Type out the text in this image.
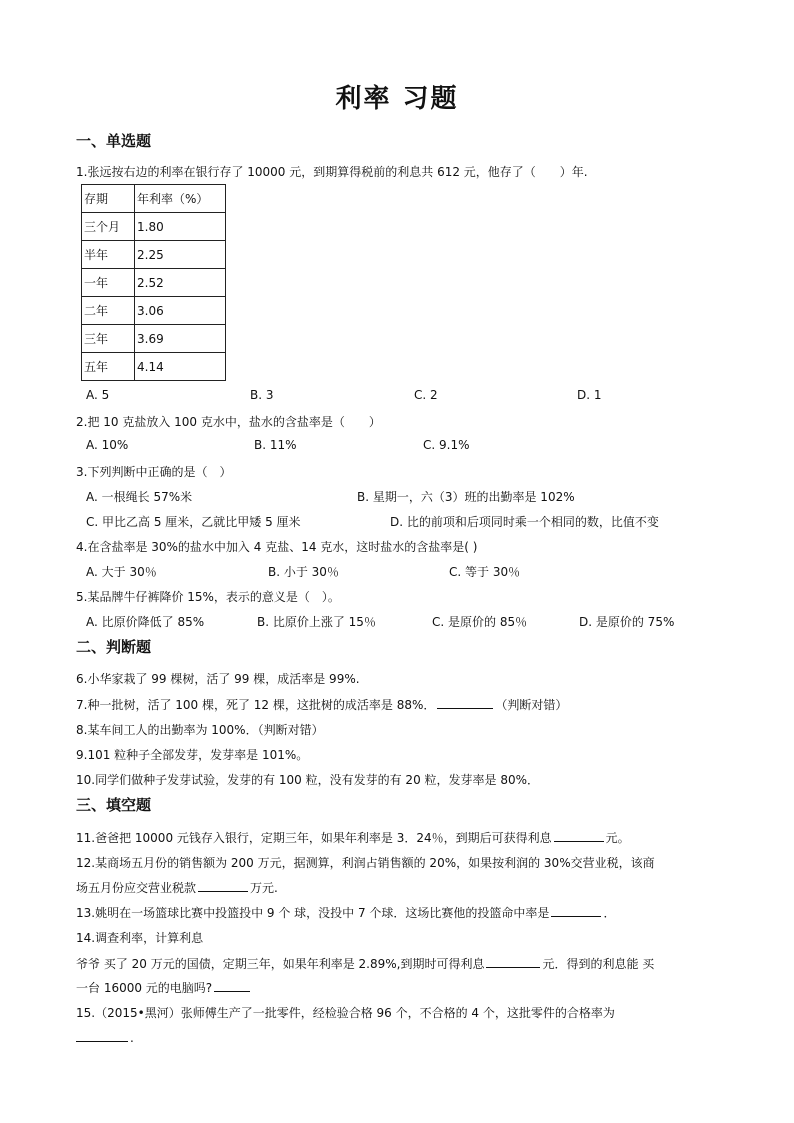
利率 习题
一、单选题
1.张远按右边的利率在银行存了 10000 元，到期算得税前的利息共 612 元，他存了（　　）年.
存期	年利率（%）
三个月	1.80
半年	2.25
一年	2.52
二年	3.06
三年	3.69
五年	4.14
A. 5	B. 3	C. 2	D. 1
2.把 10 克盐放入 100 克水中，盐水的含盐率是（　　）
A. 10%	B. 11%	C. 9.1%
3.下列判断中正确的是（　）
A. 一根绳长 57%米	B. 星期一，六（3）班的出勤率是 102%
C. 甲比乙高 5 厘米，乙就比甲矮 5 厘米	D. 比的前项和后项同时乘一个相同的数，比值不变
4.在含盐率是 30%的盐水中加入 4 克盐、14 克水，这时盐水的含盐率是( )
A. 大于 30％	B. 小于 30％	C. 等于 30％
5.某品牌牛仔裤降价 15%，表示的意义是（　）。
A. 比原价降低了 85%	B. 比原价上涨了 15％	C. 是原价的 85％	D. 是原价的 75%
二、判断题
6.小华家栽了 99 棵树，活了 99 棵，成活率是 99%.
7.种一批树，活了 100 棵，死了 12 棵，这批树的成活率是 88%．	（判断对错）
8.某车间工人的出勤率为 100%．（判断对错）
9.101 粒种子全部发芽，发芽率是 101%。
10.同学们做种子发芽试验，发芽的有 100 粒，没有发芽的有 20 粒，发芽率是 80%．
三、填空题
11.爸爸把 10000 元钱存入银行，定期三年，如果年利率是 3．24％，到期后可获得利息	元。
12.某商场五月份的销售额为 200 万元，据测算，利润占销售额的 20%，如果按利润的 30%交营业税，该商
场五月份应交营业税款	万元.
13.姚明在一场篮球比赛中投篮投中 9 个 球，没投中 7 个球．这场比赛他的投篮命中率是	．
14.调查利率，计算利息
爷爷 买了 20 万元的国债，定期三年，如果年利率是 2.89%,到期时可得利息	元．得到的利息能 买
一台 16000 元的电脑吗?
15.（2015•黑河）张师傅生产了一批零件，经检验合格 96 个，不合格的 4 个，这批零件的合格率为
.
